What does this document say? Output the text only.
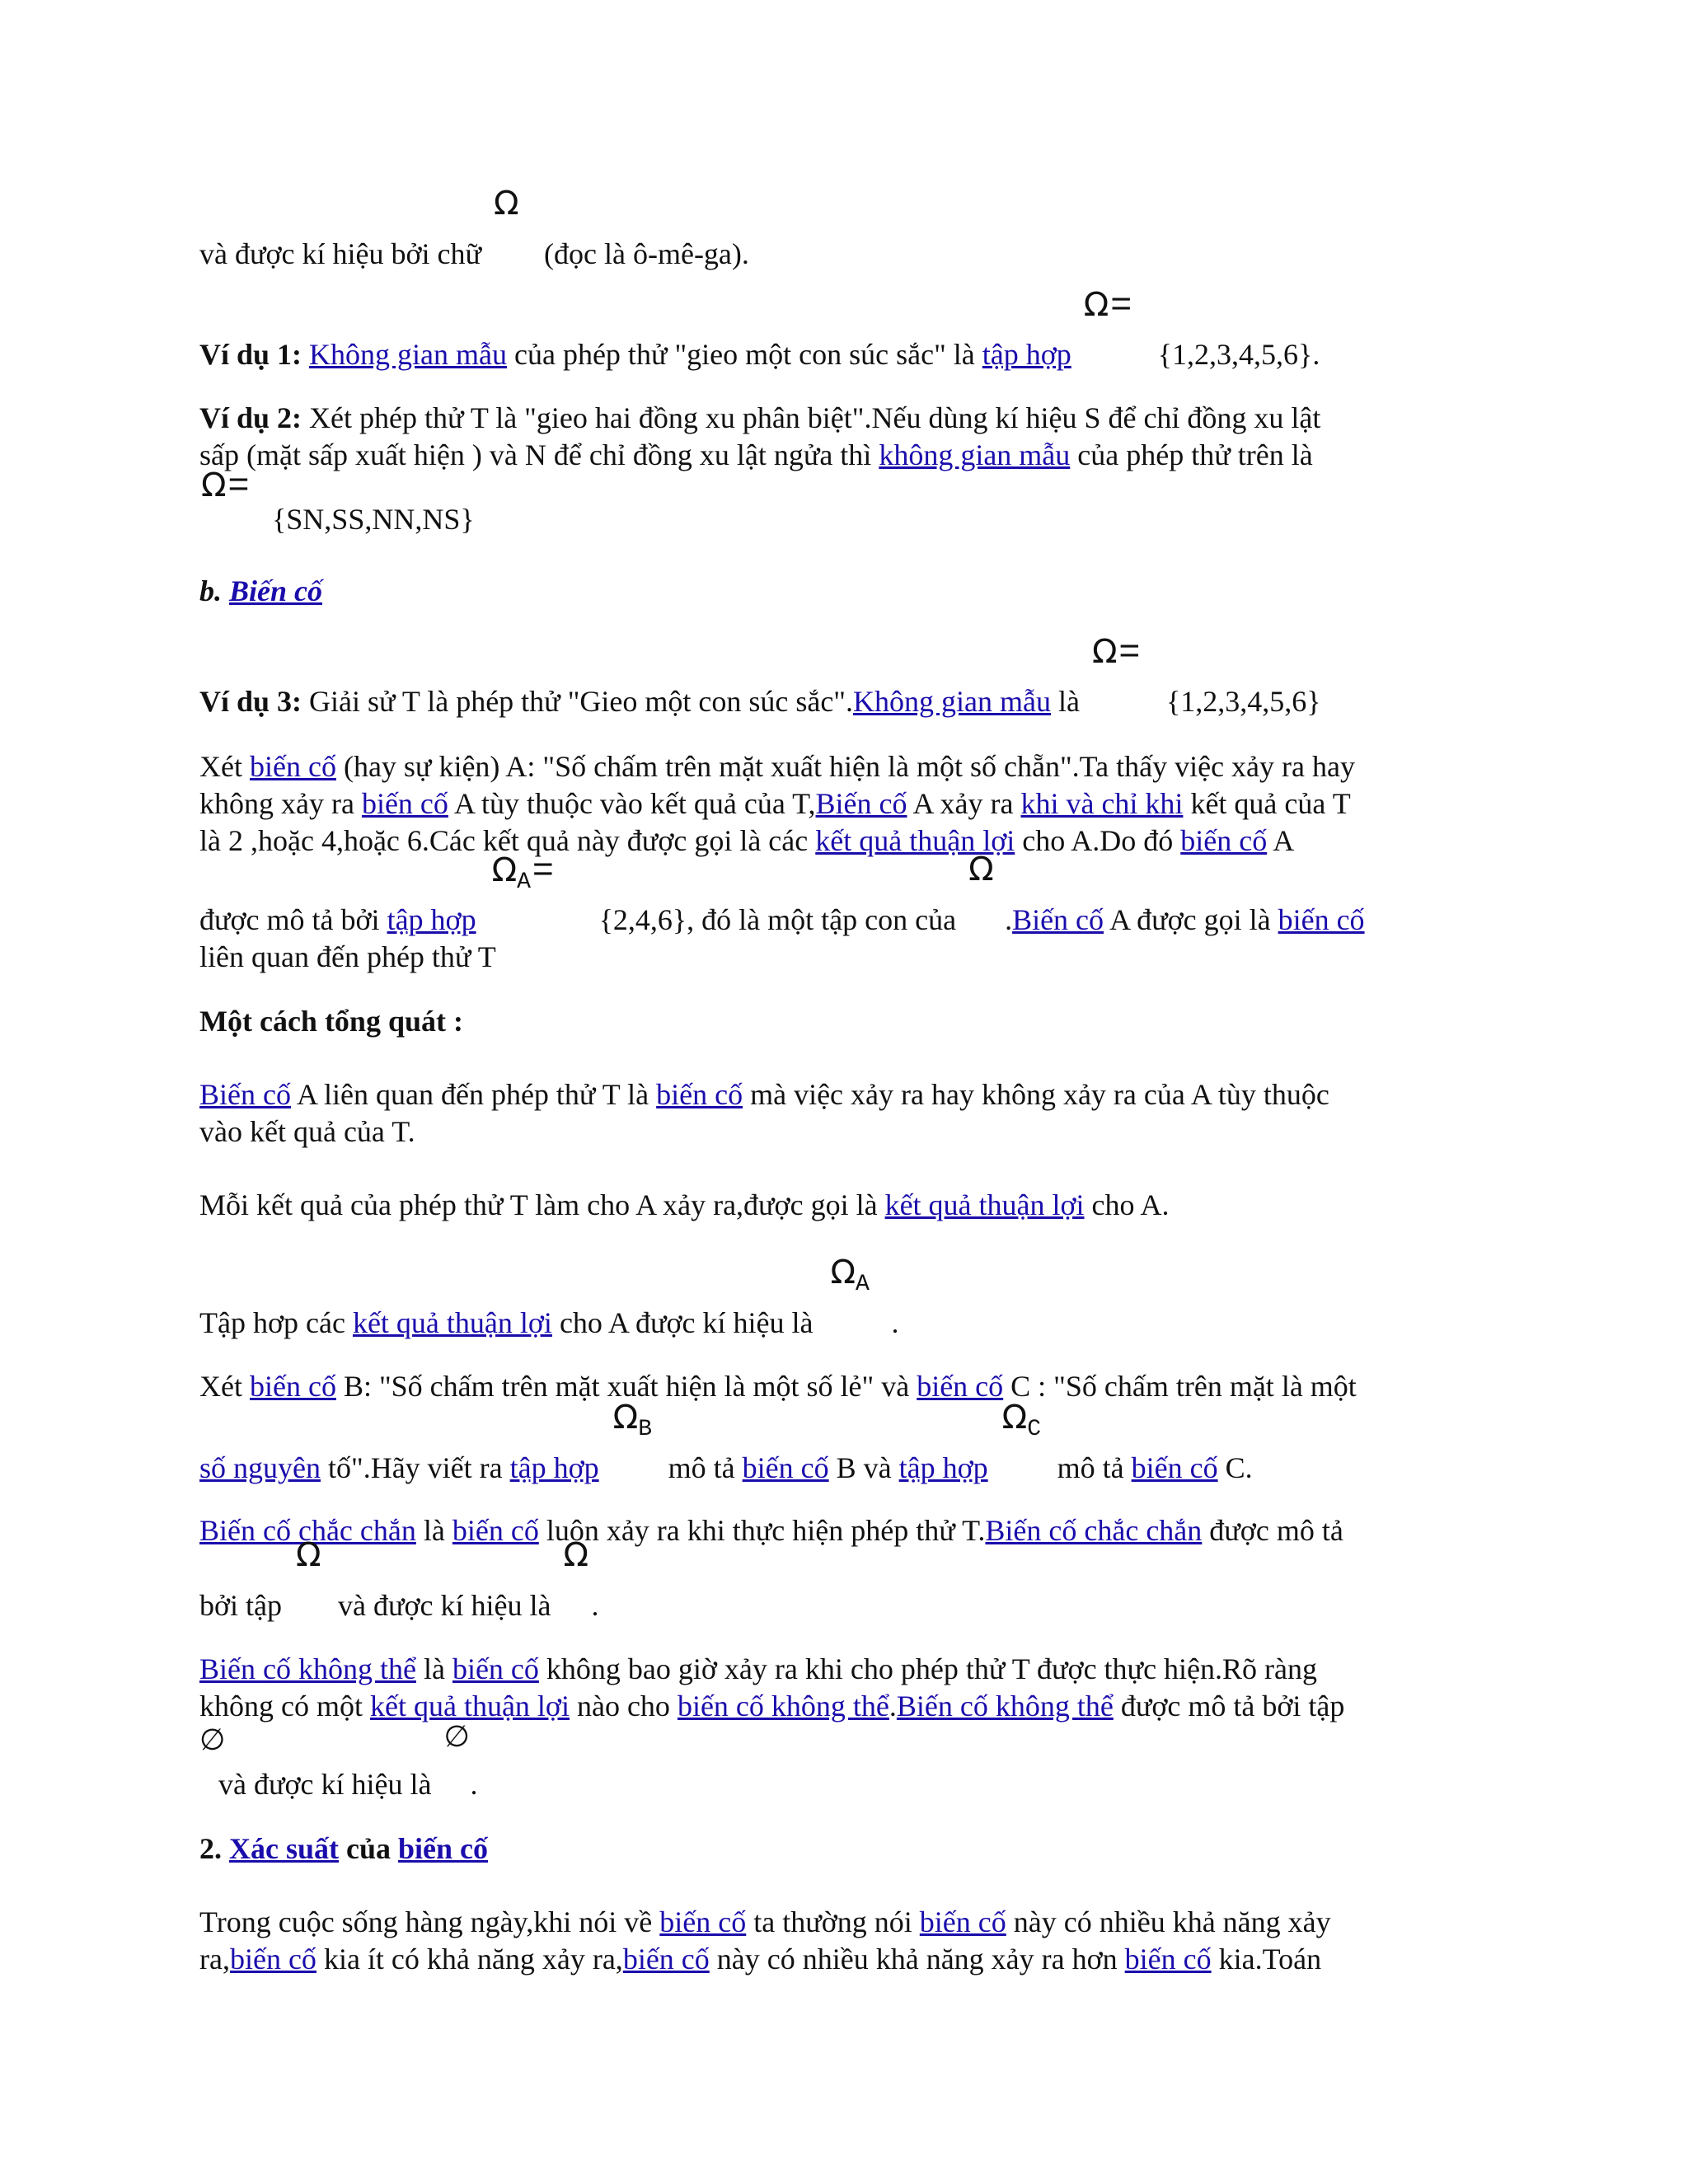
và được kí hiệu bởi chữ
Ω
(đọc là ô-mê-ga).

Ví dụ 1: Không gian mẫu của phép thử "gieo một con súc sắc" là tập hợp
Ω=
{1,2,3,4,5,6}.

Ví dụ 2: Xét phép thử T là "gieo hai đồng xu phân biệt".Nếu dùng kí hiệu S để chỉ đồng xu lật
sấp (mặt sấp xuất hiện ) và N để chỉ đồng xu lật ngửa thì không gian mẫu của phép thử trên là

Ω=

{SN,SS,NN,NS}

b. Biến cố

Ví dụ 3: Giải sử T là phép thử "Gieo một con súc sắc".Không gian mẫu là
Ω=
{1,2,3,4,5,6}

Xét biến cố (hay sự kiện) A: "Số chấm trên mặt xuất hiện là một số chẵn".Ta thấy việc xảy ra hay
không xảy ra biến cố A tùy thuộc vào kết quả của T,Biến cố A xảy ra khi và chỉ khi kết quả của T
là 2 ,hoặc 4,hoặc 6.Các kết quả này được gọi là các kết quả thuận lợi cho A.Do đó biến cố A

được mô tả bởi tập hợp
$\Omega_A=$
{2,4,6}, đó là một tập con của
Ω
.Biến cố A được gọi là biến cố
liên quan đến phép thử T

Một cách tổng quát :

Biến cố A liên quan đến phép thử T là biến cố mà việc xảy ra hay không xảy ra của A tùy thuộc
vào kết quả của T.

Mỗi kết quả của phép thử T làm cho A xảy ra,được gọi là kết quả thuận lợi cho A.

Tập hơp các kết quả thuận lợi cho A được kí hiệu là
$\Omega_A$
.

Xét biến cố B: "Số chấm trên mặt xuất hiện là một số lẻ" và biến cố C : "Số chấm trên mặt là một

số nguyên tố".Hãy viết ra tập hợp
$\Omega_B$
mô tả biến cố B và tập hợp
$\Omega_C$
mô tả biến cố C.

Biến cố chắc chắn là biến cố luôn xảy ra khi thực hiện phép thử T.Biến cố chắc chắn được mô tả

bởi tập
Ω
và được kí hiệu là
Ω
.

Biến cố không thể là biến cố không bao giờ xảy ra khi cho phép thử T được thực hiện.Rõ ràng
không có một kết quả thuận lợi nào cho biến cố không thể.Biến cố không thể được mô tả bởi tập

∅

và được kí hiệu là
∅
.

2. Xác suất của biến cố

Trong cuộc sống hàng ngày,khi nói về biến cố ta thường nói biến cố này có nhiều khả năng xảy
ra,biến cố kia ít có khả năng xảy ra,biến cố này có nhiều khả năng xảy ra hơn biến cố kia.Toán
